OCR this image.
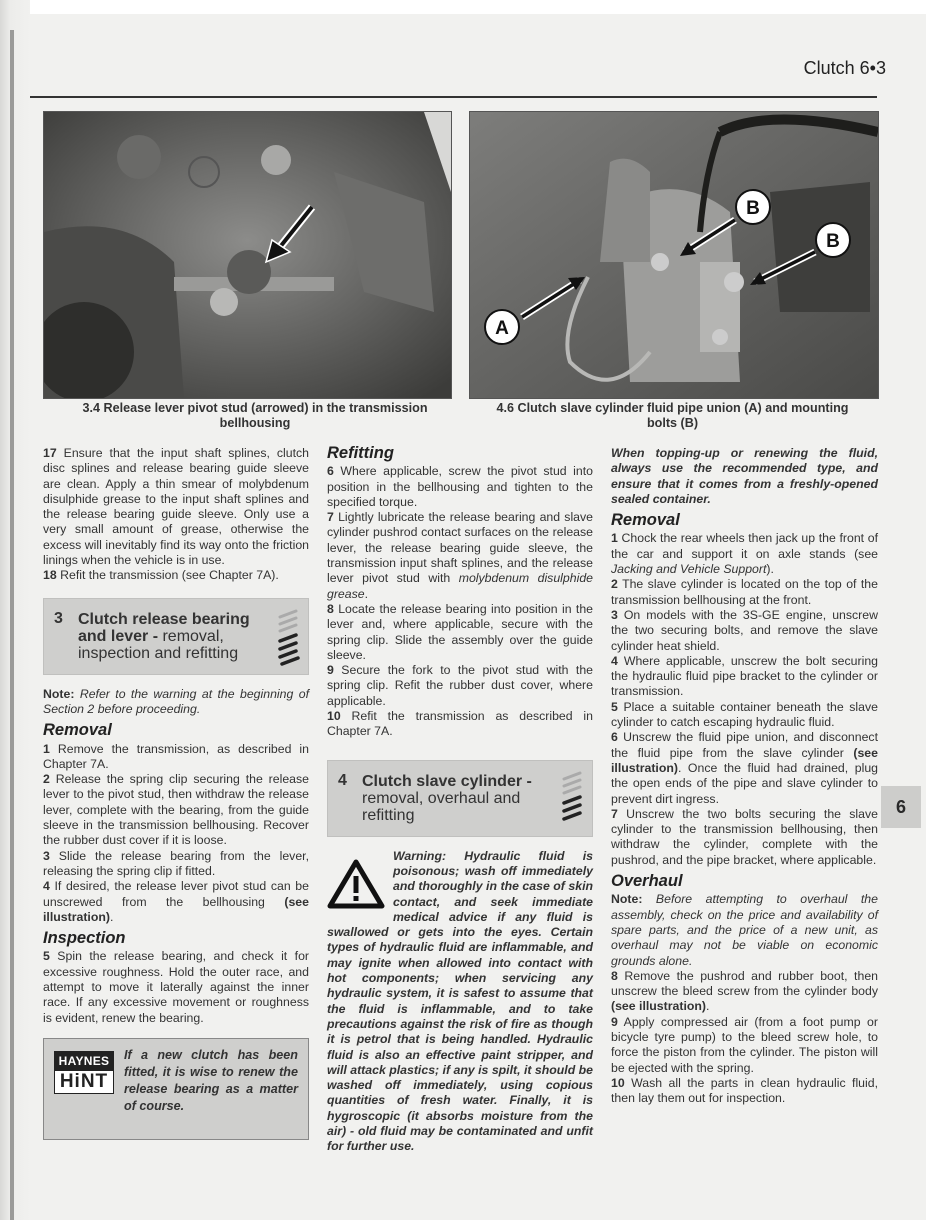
Clutch 6•3
A
B
B
3.4 Release lever pivot stud (arrowed) in the transmission bellhousing
4.6 Clutch slave cylinder fluid pipe union (A) and mounting bolts (B)

17 Ensure that the input shaft splines, clutch disc splines and release bearing guide sleeve are clean. Apply a thin smear of molybdenum disulphide grease to the input shaft splines and the release bearing guide sleeve. Only use a very small amount of grease, otherwise the excess will inevitably find its way onto the friction linings when the vehicle is in use.

18 Refit the transmission (see Chapter 7A).

3 Clutch release bearing and lever - removal, inspection and refitting

Note: Refer to the warning at the beginning of Section 2 before proceeding.

Removal

1 Remove the transmission, as described in Chapter 7A.

2 Release the spring clip securing the release lever to the pivot stud, then withdraw the release lever, complete with the bearing, from the guide sleeve in the transmission bellhousing. Recover the rubber dust cover if it is loose.

3 Slide the release bearing from the lever, releasing the spring clip if fitted.

4 If desired, the release lever pivot stud can be unscrewed from the bellhousing (see illustration).

Inspection

5 Spin the release bearing, and check it for excessive roughness. Hold the outer race, and attempt to move it laterally against the inner race. If any excessive movement or roughness is evident, renew the bearing.

HAYNES
HiNT
If a new clutch has been fitted, it is wise to renew the release bearing as a matter of course.
Refitting

6 Where applicable, screw the pivot stud into position in the bellhousing and tighten to the specified torque.

7 Lightly lubricate the release bearing and slave cylinder pushrod contact surfaces on the release lever, the release bearing guide sleeve, the transmission input shaft splines, and the release lever pivot stud with molybdenum disulphide grease.

8 Locate the release bearing into position in the lever and, where applicable, secure with the spring clip. Slide the assembly over the guide sleeve.

9 Secure the fork to the pivot stud with the spring clip. Refit the rubber dust cover, where applicable.

10 Refit the transmission as described in Chapter 7A.

4 Clutch slave cylinder -
removal, overhaul and refitting
Warning: Hydraulic fluid is poisonous; wash off immediately and thoroughly in the case of skin contact, and seek immediate medical advice if any fluid is swallowed or gets into the eyes. Certain types of hydraulic fluid are inflammable, and may ignite when allowed into contact with hot components; when servicing any hydraulic system, it is safest to assume that the fluid is inflammable, and to take precautions against the risk of fire as though it is petrol that is being handled. Hydraulic fluid is also an effective paint stripper, and will attack plastics; if any is spilt, it should be washed off immediately, using copious quantities of fresh water. Finally, it is hygroscopic (it absorbs moisture from the air) - old fluid may be contaminated and unfit for further use.

When topping-up or renewing the fluid, always use the recommended type, and ensure that it comes from a freshly-opened sealed container.

Removal

1 Chock the rear wheels then jack up the front of the car and support it on axle stands (see Jacking and Vehicle Support).

2 The slave cylinder is located on the top of the transmission bellhousing at the front.

3 On models with the 3S-GE engine, unscrew the two securing bolts, and remove the slave cylinder heat shield.

4 Where applicable, unscrew the bolt securing the hydraulic fluid pipe bracket to the cylinder or transmission.

5 Place a suitable container beneath the slave cylinder to catch escaping hydraulic fluid.

6 Unscrew the fluid pipe union, and disconnect the fluid pipe from the slave cylinder (see illustration). Once the fluid had drained, plug the open ends of the pipe and slave cylinder to prevent dirt ingress.

7 Unscrew the two bolts securing the slave cylinder to the transmission bellhousing, then withdraw the cylinder, complete with the pushrod, and the pipe bracket, where applicable.

Overhaul

Note: Before attempting to overhaul the assembly, check on the price and availability of spare parts, and the price of a new unit, as overhaul may not be viable on economic grounds alone.

8 Remove the pushrod and rubber boot, then unscrew the bleed screw from the cylinder body (see illustration).

9 Apply compressed air (from a foot pump or bicycle tyre pump) to the bleed screw hole, to force the piston from the cylinder. The piston will be ejected with the spring.

10 Wash all the parts in clean hydraulic fluid, then lay them out for inspection.

6
